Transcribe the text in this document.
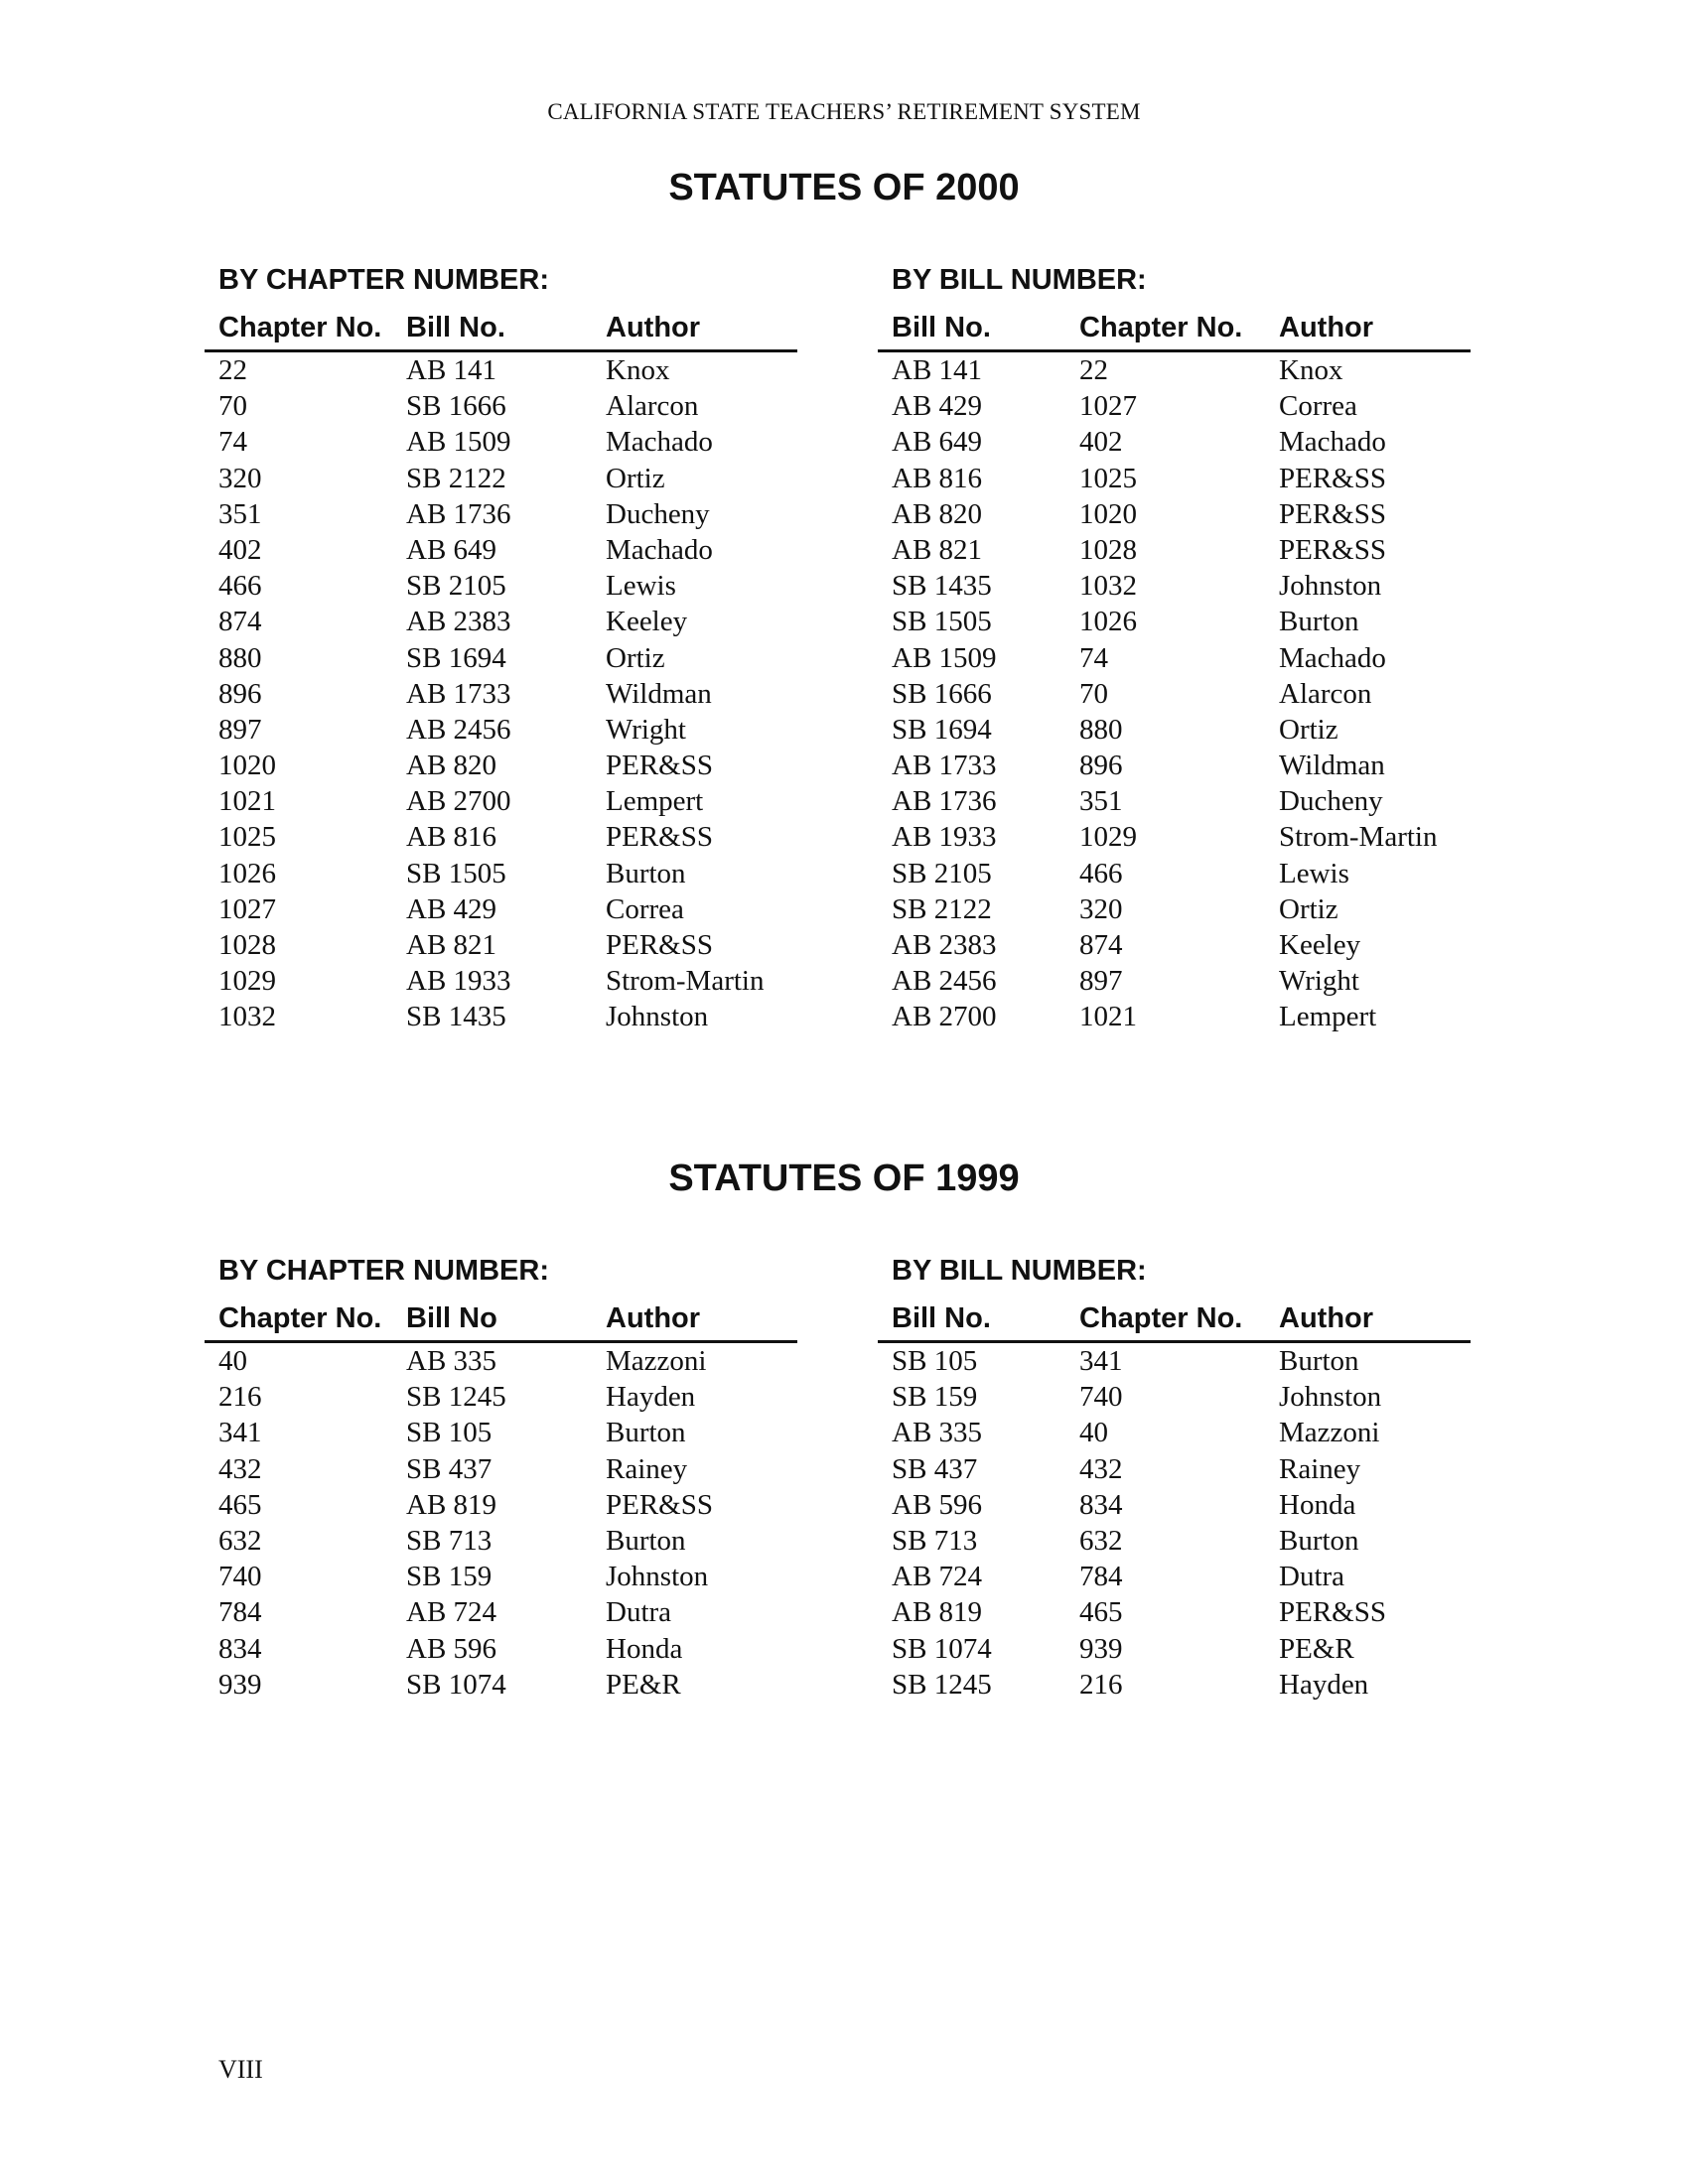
CALIFORNIA STATE TEACHERS’ RETIREMENT SYSTEM
STATUTES OF 2000
BY CHAPTER NUMBER:
Chapter No. Bill No.	Author
22	AB 141	Knox
70	SB 1666	Alarcon
74	AB 1509	Machado
320	SB 2122	Ortiz
351	AB 1736	Ducheny
402	AB 649	Machado
466	SB 2105	Lewis
874	AB 2383	Keeley
880	SB 1694	Ortiz
896	AB 1733	Wildman
897	AB 2456	Wright
1020	AB 820	PER&SS
1021	AB 2700	Lempert
1025	AB 816	PER&SS
1026	SB 1505	Burton
1027	AB 429	Correa
1028	AB 821	PER&SS
1029	AB 1933	Strom-Martin
1032	SB 1435	Johnston
BY BILL NUMBER:
Bill No.	Chapter No.	Author
AB 141	22	Knox
AB 429	1027	Correa
AB 649	402	Machado
AB 816	1025	PER&SS
AB 820	1020	PER&SS
AB 821	1028	PER&SS
SB 1435	1032	Johnston
SB 1505	1026	Burton
AB 1509	74	Machado
SB 1666	70	Alarcon
SB 1694	880	Ortiz
AB 1733	896	Wildman
AB 1736	351	Ducheny
AB 1933	1029	Strom-Martin
SB 2105	466	Lewis
SB 2122	320	Ortiz
AB 2383	874	Keeley
AB 2456	897	Wright
AB 2700	1021	Lempert
STATUTES OF 1999
BY CHAPTER NUMBER:
Chapter No. Bill No	Author
40	AB 335	Mazzoni
216	SB 1245	Hayden
341	SB 105	Burton
432	SB 437	Rainey
465	AB 819	PER&SS
632	SB 713	Burton
740	SB 159	Johnston
784	AB 724	Dutra
834	AB 596	Honda
939	SB 1074	PE&R
BY BILL NUMBER:
Bill No.	Chapter No.	Author
SB 105	341	Burton
SB 159	740	Johnston
AB 335	40	Mazzoni
SB 437	432	Rainey
AB 596	834	Honda
SB 713	632	Burton
AB 724	784	Dutra
AB 819	465	PER&SS
SB 1074	939	PE&R
SB 1245	216	Hayden
VIII
